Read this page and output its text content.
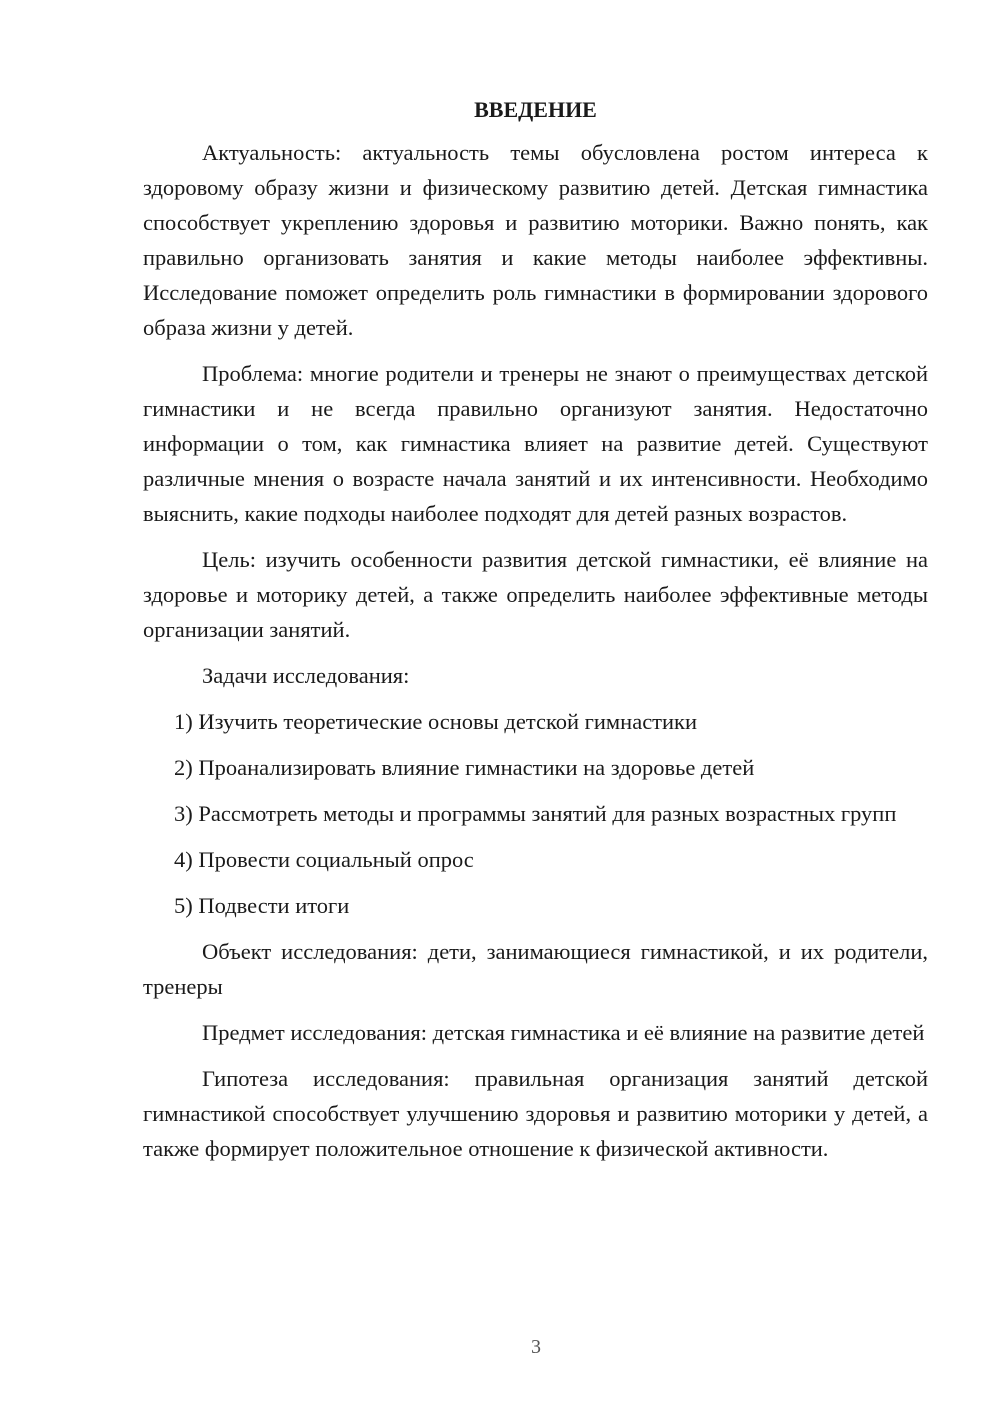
ВВЕДЕНИЕ

Актуальность: актуальность темы обусловлена ростом интереса к здоровому образу жизни и физическому развитию детей. Детская гимнастика способствует укреплению здоровья и развитию моторики. Важно понять, как правильно организовать занятия и какие методы наиболее эффективны. Исследование поможет определить роль гимнастики в формировании здорового образа жизни у детей.

Проблема: многие родители и тренеры не знают о преимуществах детской гимнастики и не всегда правильно организуют занятия. Недостаточно информации о том, как гимнастика влияет на развитие детей. Существуют различные мнения о возрасте начала занятий и их интенсивности. Необходимо выяснить, какие подходы наиболее подходят для детей разных возрастов.

Цель: изучить особенности развития детской гимнастики, её влияние на здоровье и моторику детей, а также определить наиболее эффективные методы организации занятий.

Задачи исследования:

1) Изучить теоретические основы детской гимнастики

2) Проанализировать влияние гимнастики на здоровье детей

3) Рассмотреть методы и программы занятий для разных возрастных групп

4) Провести социальный опрос

5) Подвести итоги

Объект исследования: дети, занимающиеся гимнастикой, и их родители, тренеры

Предмет исследования: детская гимнастика и её влияние на развитие детей

Гипотеза исследования: правильная организация занятий детской гимнастикой способствует улучшению здоровья и развитию моторики у детей, а также формирует положительное отношение к физической активности.

3
